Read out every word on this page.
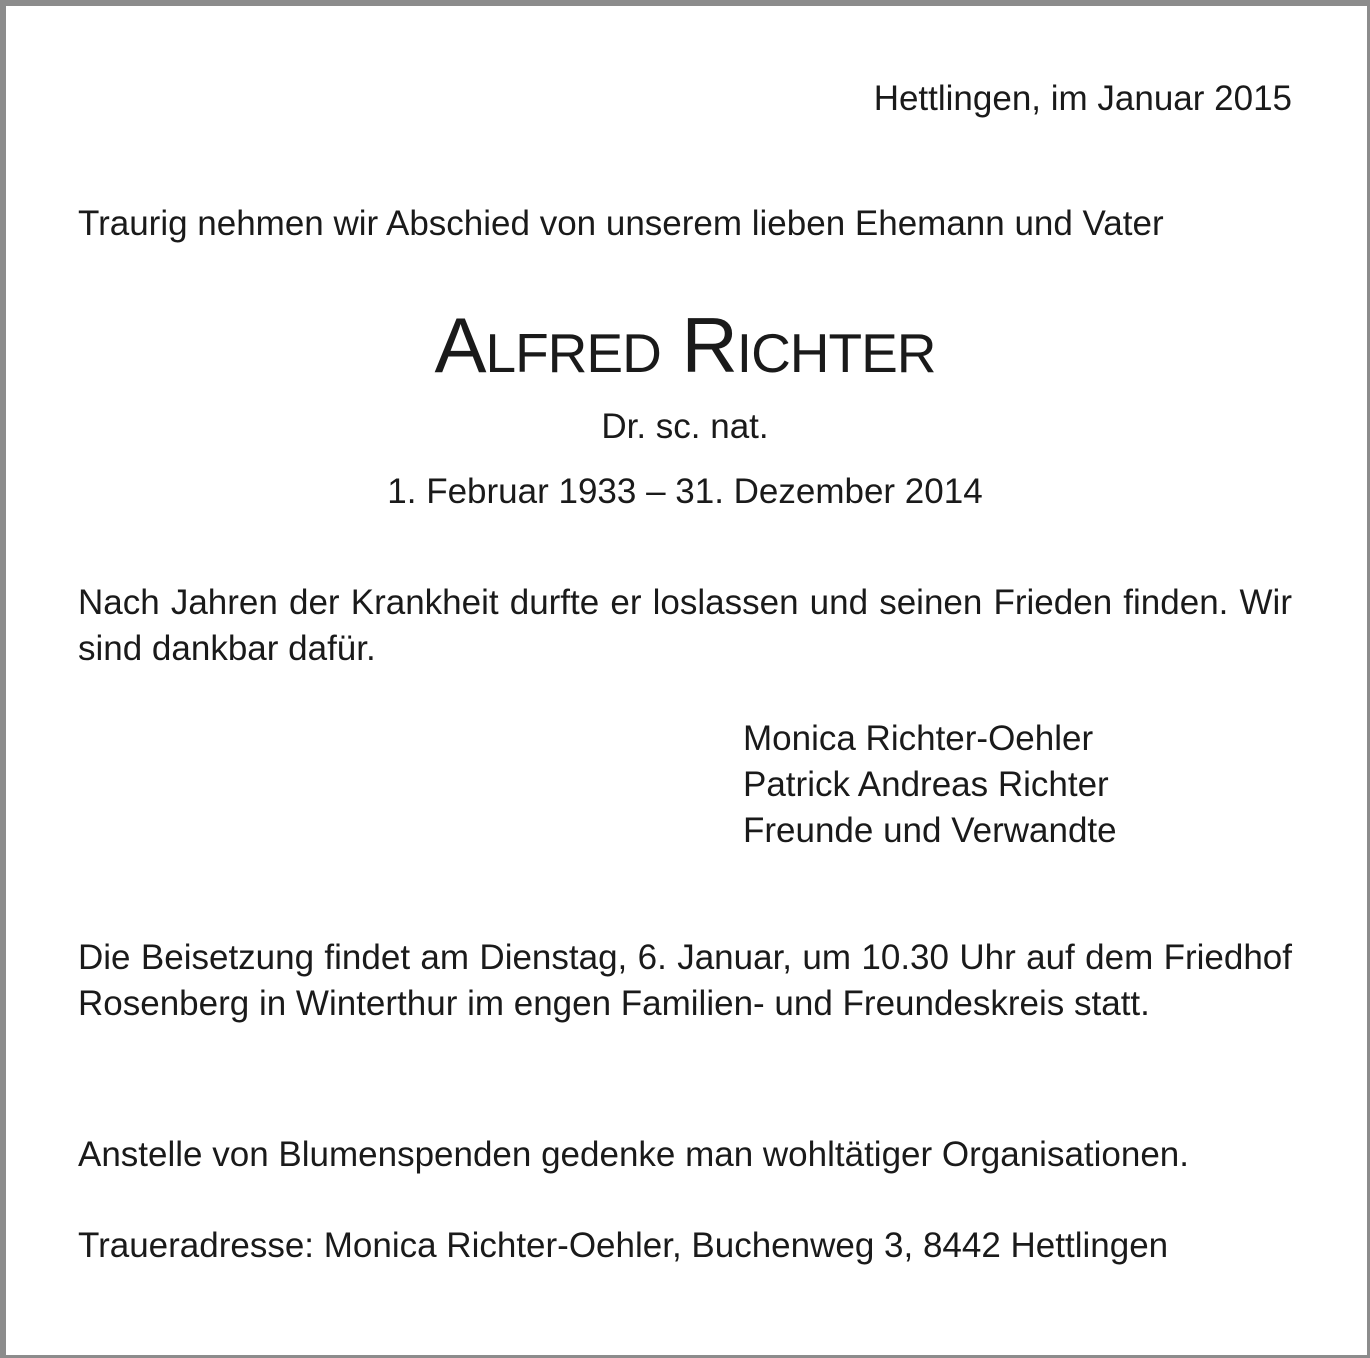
Hettlingen, im Januar 2015
Traurig nehmen wir Abschied von unserem lieben Ehemann und Vater
Alfred Richter
Dr. sc. nat.
1. Februar 1933 – 31. Dezember 2014
Nach Jahren der Krankheit durfte er loslassen und seinen Frieden finden. Wir sind dankbar dafür.
Die Beisetzung findet am Dienstag, 6. Januar, um 10.30 Uhr auf dem Friedhof Rosenberg in Winterthur im engen Familien- und Freundeskreis statt.
Anstelle von Blumenspenden gedenke man wohltätiger Organisationen.
Traueradresse: Monica Richter-Oehler, Buchenweg 3, 8442 Hettlingen
Monica Richter-Oehler
Patrick Andreas Richter
Freunde und Verwandte
